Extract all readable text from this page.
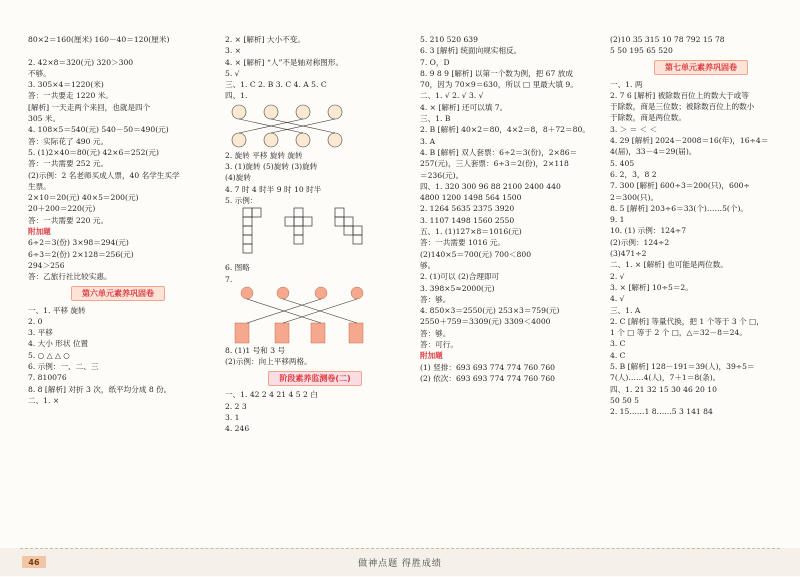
80×2＝160(厘米) 160－40＝120(厘米)
2. 42×8＝320(元) 320＞300
不够。
3. 305×4＝1220(米)
答：一共要走 1220 米。
[解析] 一天走两个来回，也就是四个
305 米。
4. 108×5＝540(元) 540－50＝490(元)
答：实际花了 490 元。
5. (1)2×40＝80(元) 42×6＝252(元)
答：一共需要 252 元。
(2)示例：2 名老师买成人票，40 名学生买学
生票。
2×10＝20(元) 40×5＝200(元)
20＋200＝220(元)
答：一共需要 220 元。
附加题
6÷2＝3(份) 3×98＝294(元)
6÷3＝2(份) 2×128＝256(元)
294＞256
答：乙旅行社比较实惠。
第六单元素养巩固卷
一、1. 平移 旋转
2. 0
3. 平移
4. 大小 形状 位置
5. ○ △ △ ○
6. 示例：一、二、三
7. 810076
8. 8 [解析] 对折 3 次，纸平均分成 8 份。
二、1. ×
2. × [解析] 大小不变。
3. ×
4. × [解析] “人”不是轴对称图形。
5. √
三、1. C 2. B 3. C 4. A 5. C
四、1.
2. 旋转 平移 旋转 旋转
3. (1)旋转 (5)旋转 (3)旋转
(4)旋转
4. 7 时 4 时半 9 时 10 时半
5. 示例：
6. 图略
7.
8. (1)1 号和 3 号
(2)示例：向上平移两格。
阶段素养监测卷(二)
一、1. 42 2 4 21 4 5 2 白
2. 2 3
3. 1
4. 246
5. 210 520 639
6. 3 [解析] 统面向规实相反。
7. O，D
8. 9 8 9 [解析] 以第一个数为例，把 67 放成
70，因为 70×9＝630，所以 □ 里最大填 9。
二、1. √ 2. √ 3. √
4. × [解析] 还可以填 7。
三、1. B
2. B [解析] 40×2＝80，4×2＝8，8＋72＝80。
3. A
4. B [解析] 双人套票：6÷2＝3(份)，2×86＝
257(元)，三人套票：6÷3＝2(份)，2×118
＝236(元)。
四、1. 320 300 96 88 2100 2400 440
4800 1200 1498 564 1500
2. 1264 5635 2375 3920
3. 1107 1498 1560 2550
五、1. (1)127×8＝1016(元)
答：一共需要 1016 元。
(2)140×5＝700(元) 700＜800
够。
2. (1)可以 (2)合理即可
3. 398×5≈2000(元)
答：够。
4. 850×3＝2550(元) 253×3＝759(元)
2550＋759＝3309(元) 3309＜4000
答：够。
答：可行。
附加题
(1) 竖排：693 693 774 774 760 760
(2) 依次：693 693 774 774 760 760
(2)10 35 315 10 78 792 15 78
5 50 195 65 520
第七单元素养巩固卷
一、1. 两
2. 7 6 [解析] 被除数百位上的数大于或等
于除数，商是三位数；被除数百位上的数小
于除数，商是两位数。
3. ＞ ＝ ＜ ＜
4. 29 [解析] 2024－2008＝16(年)，16÷4＝
4(届)，33－4＝29(届)。
5. 405
6. 2，3，8 2
7. 300 [解析] 600÷3＝200(只)，600÷
2＝300(只)。
8. 5 [解析] 203÷6＝33(个)……5(个)。
9. 1
10. (1) 示例：124÷7
(2)示例：124÷2
(3)471÷2
二、1. × [解析] 也可能是两位数。
2. √
3. × [解析] 10÷5＝2。
4. √
三、1. A
2. C [解析] 等量代换，把 1 个等于 3 个 □，
1 个 □ 等于 2 个 □，△＝32－8＝24。
3. C
4. C
5. B [解析] 128－191＝39(人)，39÷5＝
7(人)……4(人)，7＋1＝8(条)。
四、1. 21 32 15 30 46 20 10
50 50 5
2. 15……1 8……5 3 141 84
46	做神点题 得胜成绩
